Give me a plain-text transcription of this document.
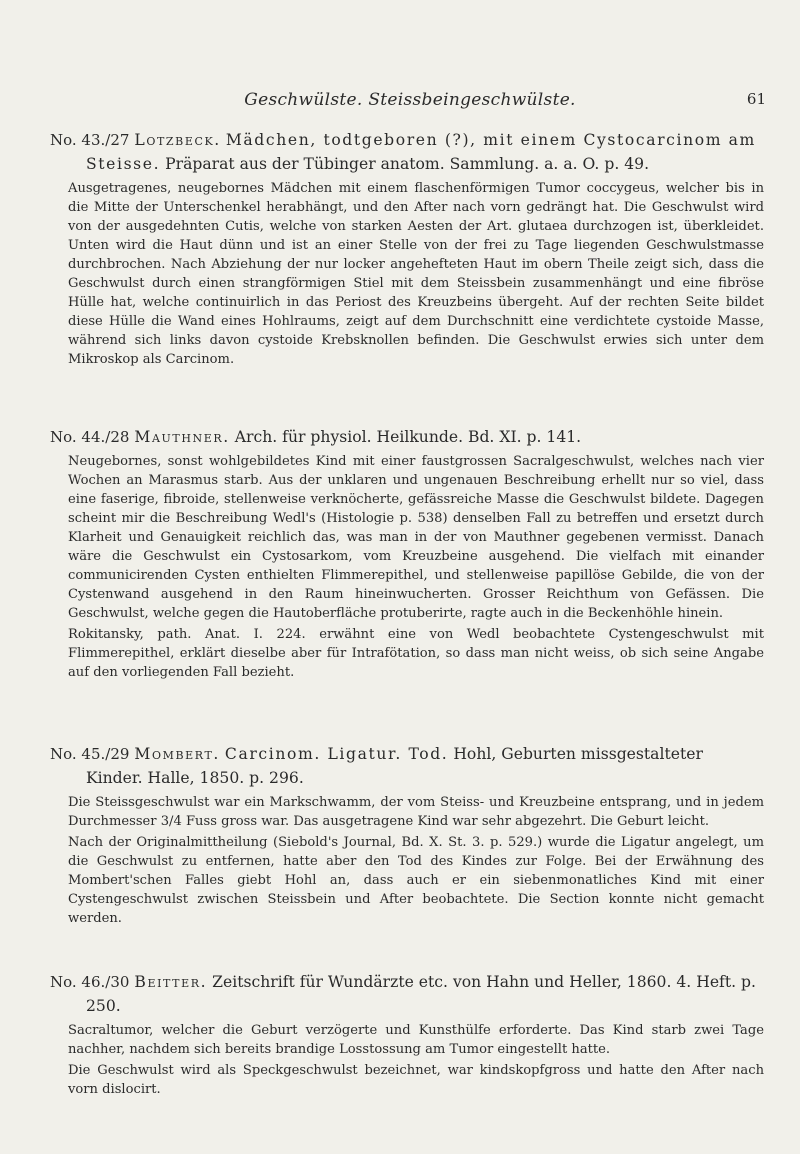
Geschwülste. Steissbeingeschwülste.	61

No. 43./27 Lotzbeck. Mädchen, todtgeboren (?), mit einem Cystocarcinom am Steisse. Präparat aus der Tübinger anatom. Sammlung. a. a. O. p. 49.

Ausgetragenes, neugebornes Mädchen mit einem flaschenförmigen Tumor coccygeus, welcher bis in die Mitte der Unterschenkel herabhängt, und den After nach vorn gedrängt hat. Die Geschwulst wird von der ausgedehnten Cutis, welche von starken Aesten der Art. glutaea durchzogen ist, überkleidet. Unten wird die Haut dünn und ist an einer Stelle von der frei zu Tage liegenden Geschwulstmasse durchbrochen. Nach Abziehung der nur locker angehefteten Haut im obern Theile zeigt sich, dass die Geschwulst durch einen strangförmigen Stiel mit dem Steissbein zusammenhängt und eine fibröse Hülle hat, welche continuirlich in das Periost des Kreuzbeins übergeht. Auf der rechten Seite bildet diese Hülle die Wand eines Hohlraums, zeigt auf dem Durchschnitt eine verdichtete cystoide Masse, während sich links davon cystoide Krebsknollen befinden. Die Geschwulst erwies sich unter dem Mikroskop als Carcinom.

No. 44./28 Mauthner. Arch. für physiol. Heilkunde. Bd. XI. p. 141.

Neugebornes, sonst wohlgebildetes Kind mit einer faustgrossen Sacralgeschwulst, welches nach vier Wochen an Marasmus starb. Aus der unklaren und ungenauen Beschreibung erhellt nur so viel, dass eine faserige, fibroide, stellenweise verknöcherte, gefässreiche Masse die Geschwulst bildete. Dagegen scheint mir die Beschreibung Wedl's (Histologie p. 538) denselben Fall zu betreffen und ersetzt durch Klarheit und Genauigkeit reichlich das, was man in der von Mauthner gegebenen vermisst. Danach wäre die Geschwulst ein Cystosarkom, vom Kreuzbeine ausgehend. Die vielfach mit einander communicirenden Cysten enthielten Flimmerepithel, und stellenweise papillöse Gebilde, die von der Cystenwand ausgehend in den Raum hineinwucherten. Grosser Reichthum von Gefässen. Die Geschwulst, welche gegen die Hautoberfläche protuberirte, ragte auch in die Beckenhöhle hinein.

Rokitansky, path. Anat. I. 224. erwähnt eine von Wedl beobachtete Cystengeschwulst mit Flimmerepithel, erklärt dieselbe aber für Intrafötation, so dass man nicht weiss, ob sich seine Angabe auf den vorliegenden Fall bezieht.

No. 45./29 Mombert. Carcinom. Ligatur. Tod. Hohl, Geburten missgestalteter Kinder. Halle, 1850. p. 296.

Die Steissgeschwulst war ein Markschwamm, der vom Steiss- und Kreuzbeine entsprang, und in jedem Durchmesser 3/4 Fuss gross war. Das ausgetragene Kind war sehr abgezehrt. Die Geburt leicht.

Nach der Originalmittheilung (Siebold's Journal, Bd. X. St. 3. p. 529.) wurde die Ligatur angelegt, um die Geschwulst zu entfernen, hatte aber den Tod des Kindes zur Folge. Bei der Erwähnung des Mombert'schen Falles giebt Hohl an, dass auch er ein siebenmonatliches Kind mit einer Cystengeschwulst zwischen Steissbein und After beobachtete. Die Section konnte nicht gemacht werden.

No. 46./30 Beitter. Zeitschrift für Wundärzte etc. von Hahn und Heller, 1860. 4. Heft. p. 250.

Sacraltumor, welcher die Geburt verzögerte und Kunsthülfe erforderte. Das Kind starb zwei Tage nachher, nachdem sich bereits brandige Losstossung am Tumor eingestellt hatte.

Die Geschwulst wird als Speckgeschwulst bezeichnet, war kindskopfgross und hatte den After nach vorn dislocirt.
